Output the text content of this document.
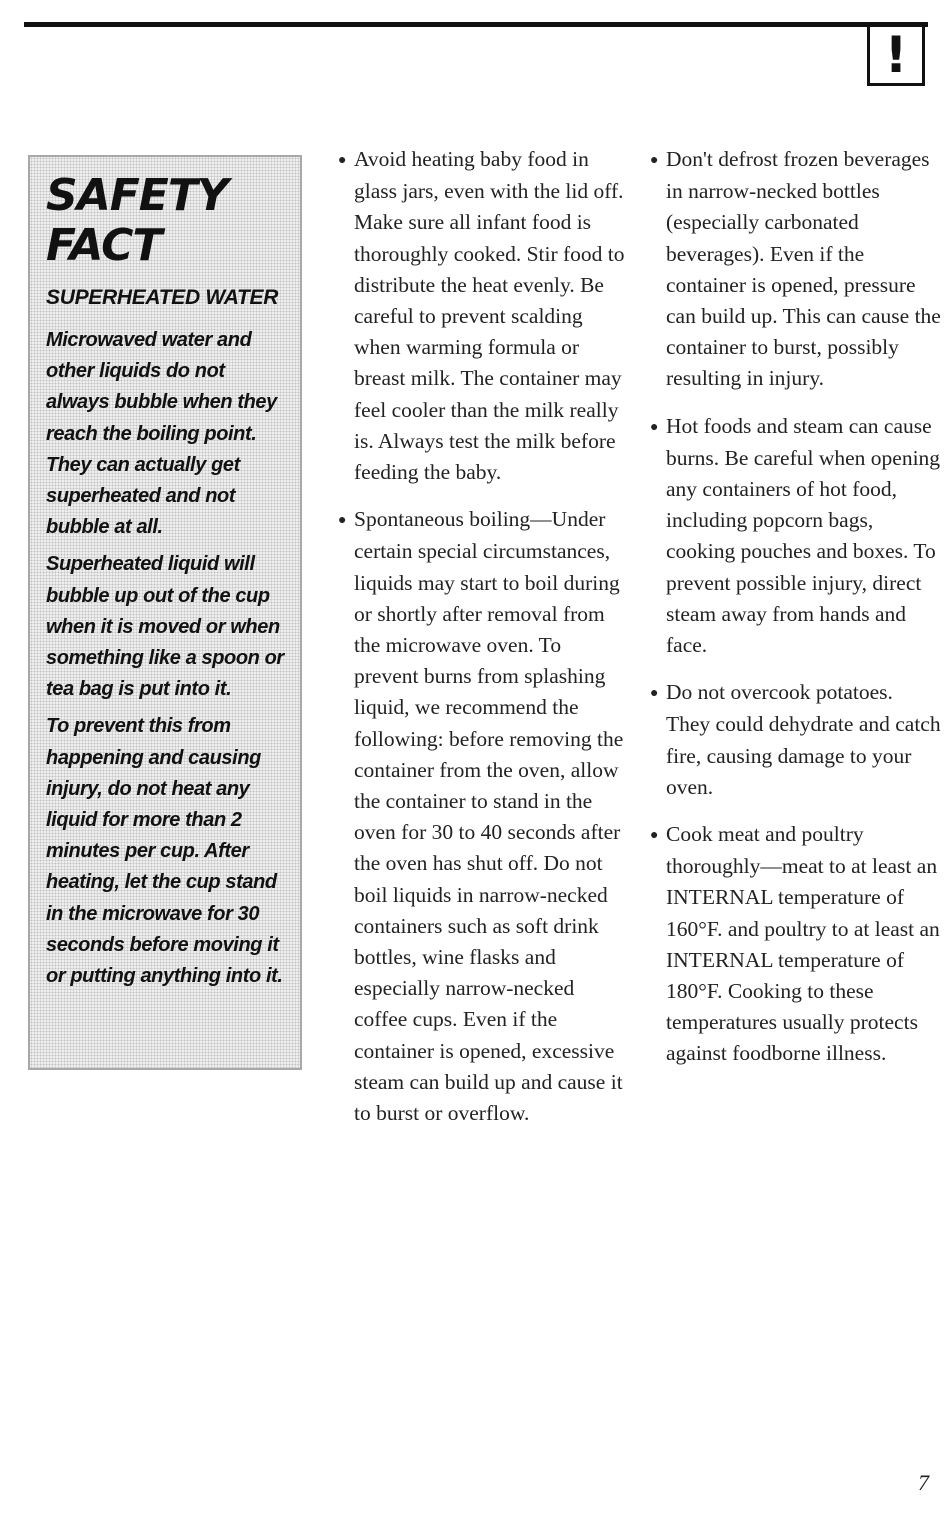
!
SAFETY
FACT
SUPERHEATED WATER

Microwaved water and other liquids do not always bubble when they reach the boiling point. They can actually get superheated and not bubble at all.

Superheated liquid will bubble up out of the cup when it is moved or when something like a spoon or tea bag is put into it.

To prevent this from happening and causing injury, do not heat any liquid for more than 2 minutes per cup. After heating, let the cup stand in the microwave for 30 seconds before moving it or putting anything into it.

● Avoid heating baby food in glass jars, even with the lid off. Make sure all infant food is thoroughly cooked. Stir food to distribute the heat evenly. Be careful to prevent scalding when warming formula or breast milk. The container may feel cooler than the milk really is. Always test the milk before feeding the baby.

● Spontaneous boiling—Under certain special circumstances, liquids may start to boil during or shortly after removal from the microwave oven. To prevent burns from splashing liquid, we recommend the following: before removing the container from the oven, allow the container to stand in the oven for 30 to 40 seconds after the oven has shut off. Do not boil liquids in narrow-necked containers such as soft drink bottles, wine flasks and especially narrow-necked coffee cups. Even if the container is opened, excessive steam can build up and cause it to burst or overflow.

● Don't defrost frozen beverages in narrow-necked bottles (especially carbonated beverages). Even if the container is opened, pressure can build up. This can cause the container to burst, possibly resulting in injury.

● Hot foods and steam can cause burns. Be careful when opening any containers of hot food, including popcorn bags, cooking pouches and boxes. To prevent possible injury, direct steam away from hands and face.

● Do not overcook potatoes. They could dehydrate and catch fire, causing damage to your oven.

● Cook meat and poultry thoroughly—meat to at least an INTERNAL temperature of 160°F. and poultry to at least an INTERNAL temperature of 180°F. Cooking to these temperatures usually protects against foodborne illness.

7
